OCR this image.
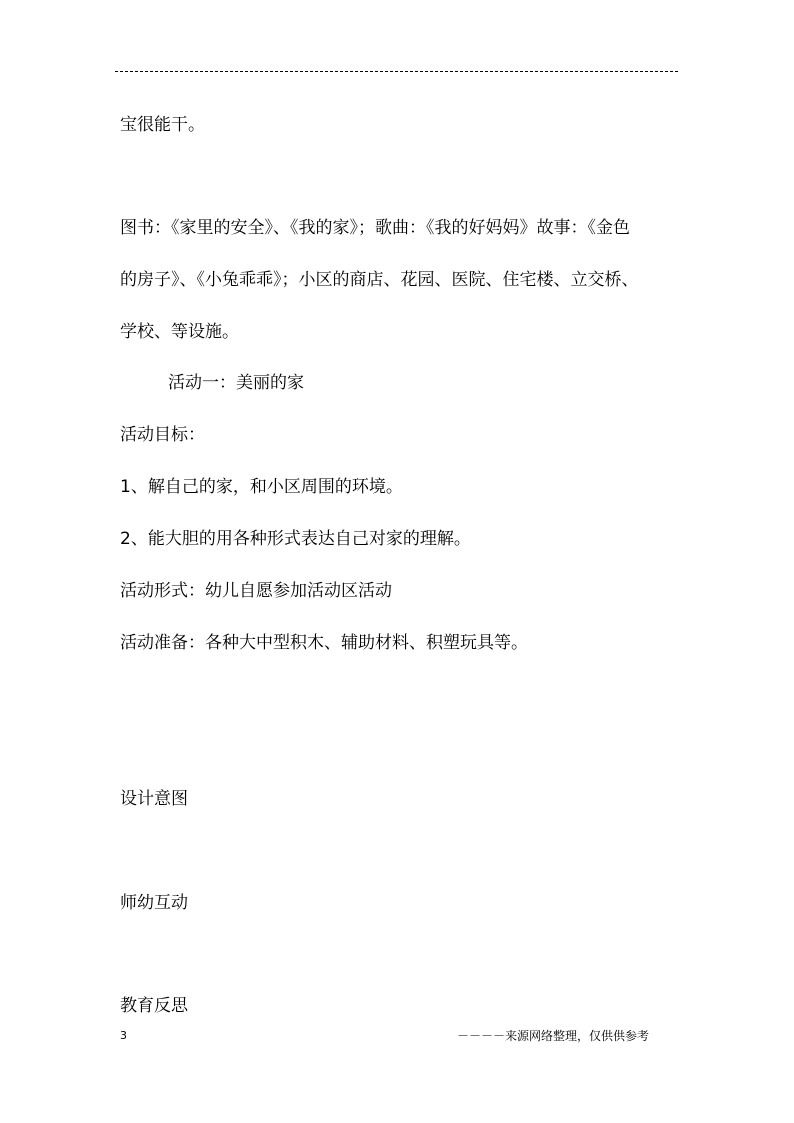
宝很能干。
图书：《家里的安全》、《我的家》；歌曲：《我的好妈妈》故事：《金色
的房子》、《小兔乖乖》；小区的商店、花园、医院、住宅楼、立交桥、
学校、等设施。
活动一：美丽的家
活动目标：
1、解自己的家，和小区周围的环境。
2、能大胆的用各种形式表达自己对家的理解。
活动形式：幼儿自愿参加活动区活动
活动准备：各种大中型积木、辅助材料、积塑玩具等。
设计意图
师幼互动
教育反思
3	－－－－来源网络整理，仅供供参考
